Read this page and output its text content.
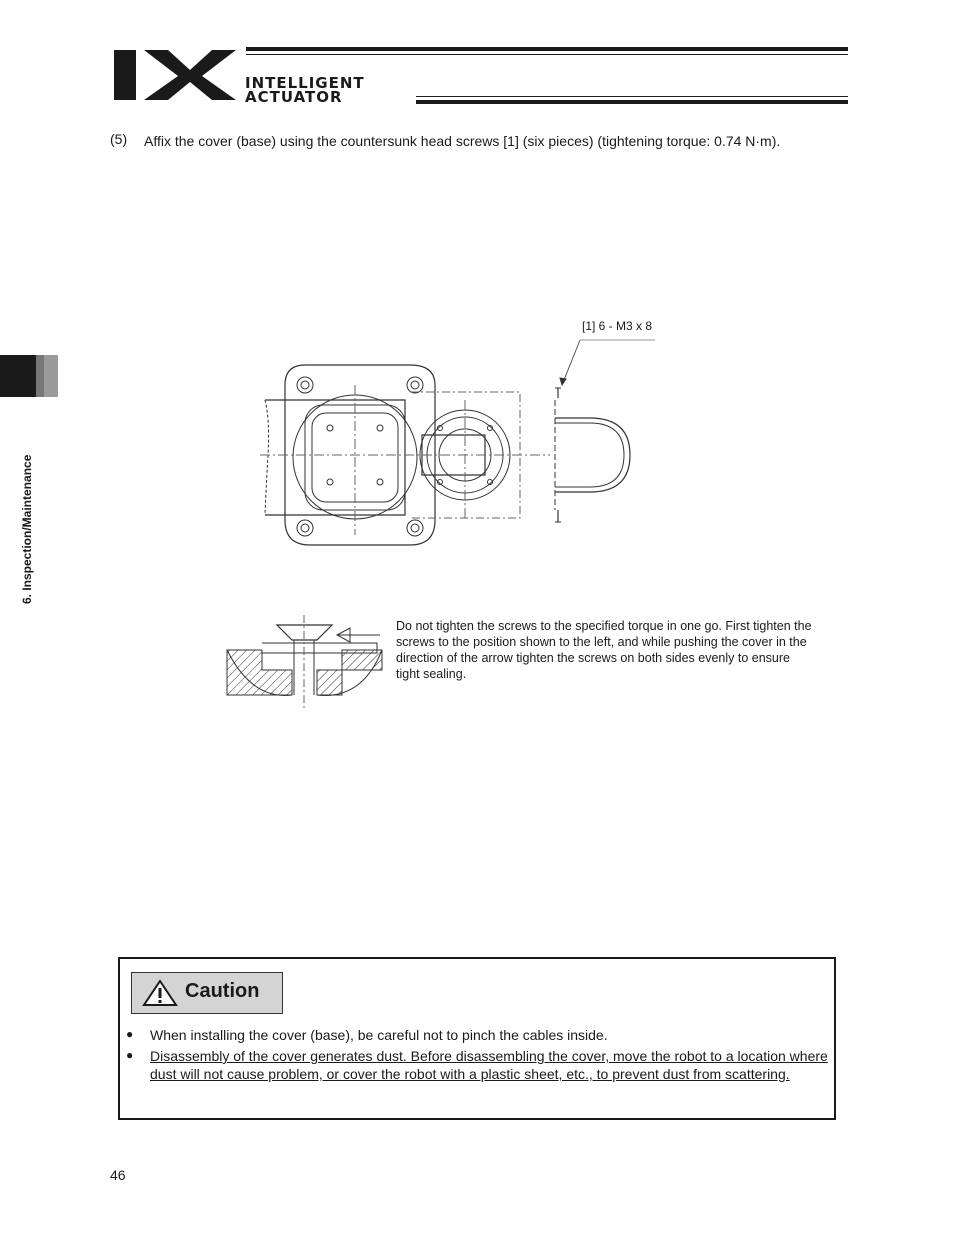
INTELLIGENT
ACTUATOR
6. Inspection/Maintenance
(5) Affix the cover (base) using the countersunk head screws [1] (six pieces) (tightening torque: 0.74 N·m).
[1] 6 - M3 x 8
Do not tighten the screws to the specified torque in one go. First tighten the screws to the position shown to the left, and while pushing the cover in the direction of the arrow tighten the screws on both sides evenly to ensure tight sealing.
Caution
● When installing the cover (base), be careful not to pinch the cables inside.
● Disassembly of the cover generates dust. Before disassembling the cover, move the robot to a location where dust will not cause problem, or cover the robot with a plastic sheet, etc., to prevent dust from scattering.
46
